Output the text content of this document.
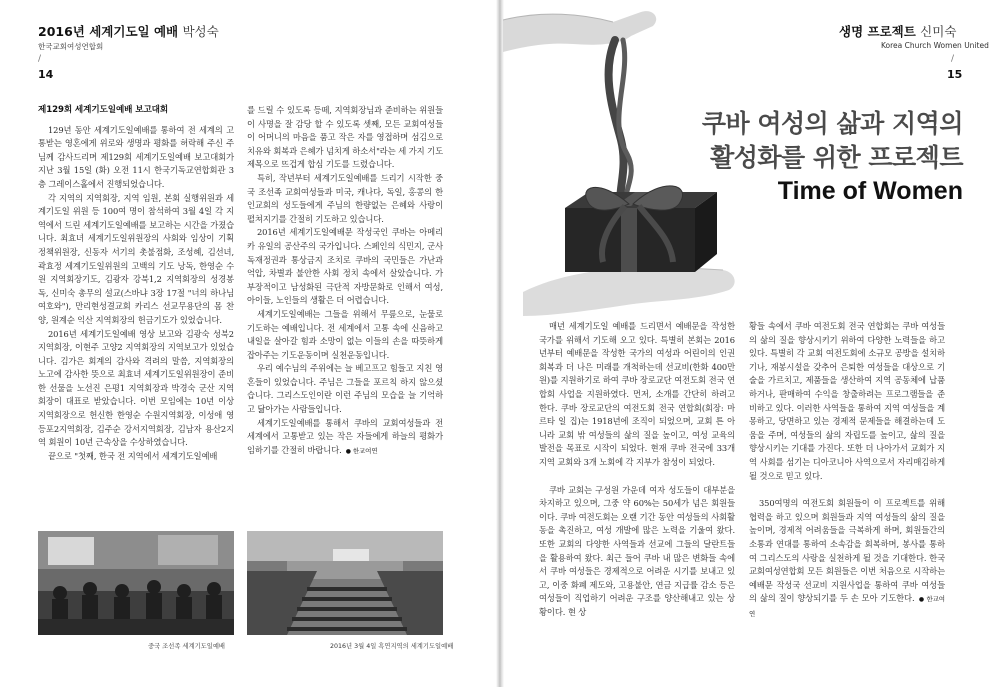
2016년 세계기도일 예배 박성숙
한국교회여성연합회
/
14

제129회 세계기도일예배 보고대회

129년 동안 세계기도일예배를 통하여 전 세계의 고통받는 영혼에게 위로와 생명과 평화를 허락해 주신 주님께 감사드리며 제129회 세계기도일예배 보고대회가 지난 3월 15일 (화) 오전 11시 한국기독교연합회관 3층 그레이스홀에서 진행되었습니다.

각 지역의 지역회장, 지역 임원, 본회 실행위원과 세계기도일 위원 등 100여 명이 참석하여 3월 4일 각 지역에서 드린 세계기도일예배를 보고하는 시간을 가졌습니다. 최효녀 세계기도일위원장의 사회와 임상이 기획정책위원장, 신동자 서기의 촛불점화, 조성혜, 김선녀, 곽효정 세계기도일위원의 고백의 기도 낭독, 한영순 수원 지역회장기도, 김광자 강북1,2 지역회장의 성경봉독, 신미숙 총무의 설교(스바냐 3장 17절 "너의 하나님 여호와"), 만리현성결교회 카리스 선교무용단의 몸 찬양, 원계순 익산 지역회장의 헌금기도가 있었습니다.

2016년 세계기도일예배 영상 보고와 김광숙 성북2 지역회장, 이현주 고양2 지역회장의 지역보고가 있었습니다. 김가은 회계의 감사와 격려의 말씀, 지역회장의 노고에 감사한 뜻으로 최효녀 세계기도일위원장이 준비한 선물을 노선진 은평1 지역회장과 박경숙 군산 지역회장이 대표로 받았습니다. 이번 모임에는 10년 이상 지역회장으로 헌신한 한영순 수원지역회장, 이성애 영등포2지역회장, 김주순 강서지역회장, 김남자 용산2지역 회원이 10년 근속상을 수상하였습니다.

끝으로 "첫째, 한국 전 지역에서 세계기도일예배

를 드릴 수 있도록 등떼, 지역회장님과 준비하는 위원들이 사명을 잘 감당 할 수 있도록 셋째, 모든 교회여성들이 어머니의 마음을 품고 작은 자를 영접하며 섬김으로 치유와 회복과 은혜가 넘치게 하소서"라는 세 가지 기도제목으로 뜨겁게 합심 기도를 드렸습니다.

특히, 작년부터 세계기도일예배를 드리기 시작한 중국 조선족 교회여성들과 미국, 캐나다, 독일, 홍콩의 한인교회의 성도들에게 주님의 한량없는 은혜와 사랑이 펼쳐지기를 간절히 기도하고 있습니다.

2016년 세계기도일예배문 작성국인 쿠바는 아메리카 유일의 공산주의 국가입니다. 스페인의 식민지, 군사 독재정권과 통상금지 조치로 쿠바의 국민들은 가난과 억압, 차별과 불안한 사회 정치 속에서 살았습니다. 가부장적이고 남성화된 극단적 자방문화로 인해서 여성, 아이들, 노인들의 생활은 더 어렵습니다.

세계기도일예배는 그들을 위해서 무릎으로, 눈물로 기도하는 예배입니다. 전 세계에서 고통 속에 신음하고 내일을 살아갈 힘과 소망이 없는 이들의 손을 따뜻하게 잡아주는 기도운동이며 실천운동입니다.

우리 예수님의 주위에는 늘 베고프고 힘들고 지친 영혼들이 있었습니다. 주님은 그들을 포르칙 하지 않으셨습니다. 그리스도인이란 이런 주님의 모습을 늘 기억하고 닮아가는 사람들입니다.

세계기도일예배를 통해서 쿠바의 교회여성들과 전 세계에서 고통받고 있는 작은 자들에게 하늘의 평화가 임하기를 간절히 바랍니다. ● 한교여연

중국 조선족 세계기도일예배	2016년 3월 4일 흑연지역의 세계기도일예배
생명 프로젝트 신미숙
Korea Church Women United
/
15
쿠바 여성의 삶과 지역의
활성화를 위한 프로젝트
Time of Women

매년 세계기도일 예배를 드리면서 예배문을 작성한 국가를 위해서 기도해 오고 있다. 특별히 본회는 2016년부터 예배문을 작성한 국가의 여성과 어린이의 인권회복과 더 나은 미래를 개척하는데 선교비(한화 400만원)를 지원하기로 하여 쿠바 장로교단 여전도회 전국 연합회 사업을 지원하였다. 먼저, 소개를 간단히 하려고 한다. 쿠바 장로교단의 여전도회 전국 연합회(회장: 마르타 일 집)는 1918년에 조직이 되었으며, 교회 튼 아니라 교회 밖 여성들의 삶의 질을 높이고, 여성 교육의 발전을 목표로 시작이 되었다. 현재 쿠바 전국에 33개 지역 교회와 3개 노회에 각 지부가 참성이 되었다.

쿠바 교회는 구성원 가운데 여자 성도들이 대부분을 차지하고 있으며, 그중 약 60%는 50세가 넘은 회원들이다. 쿠바 여전도회는 오랜 기간 동안 여성들의 사회활동을 촉진하고, 여성 개발에 많은 노력을 기울여 왔다. 또한 교회의 다양한 사역들과 선교에 그들의 달란트들을 활용하여 왔다. 최근 들어 쿠바 내 많은 변화들 속에서 쿠바 여성들은 경제적으로 어려운 시기를 보내고 있고, 이중 화폐 제도와, 고용불안, 연금 지급률 감소 등은 여성들이 직업하기 어려운 구조를 양산해내고 있는 상황이다. 현 상

황들 속에서 쿠바 여전도회 전국 연합회는 쿠바 여성들의 삶의 질을 향상시키기 위하여 다양한 노력들을 하고 있다. 특별히 각 교회 여전도회에 소규모 공방을 설치하기나, 재봉시설을 갖추어 은퇴한 여성들을 대상으로 기술을 가르치고, 제품들을 생산하여 지역 공동체에 납품하거나, 판매하여 수익을 창출하려는 프로그램들을 준비하고 있다. 이러한 사역들을 통하여 지역 여성들을 계몽하고, 당면하고 있는 경제적 문제들을 해결하는데 도움을 주며, 여성들의 삶의 자립도를 높이고, 삶의 질을 향상시키는 기대를 가진다. 또한 더 나아가서 교회가 지역 사회를 섬기는 디아코니아 사역으로서 자리매김하게 될 것으로 믿고 있다.

350여명의 여전도회 회원들이 이 프로젝트를 위해 협력을 하고 있으며 회원들과 지역 여성들의 삶의 질을 높이며, 경제적 어려움들을 극복하게 하며, 회원들간의 소통과 연대를 통하여 소속감을 회복하며, 봉사를 통하여 그리스도의 사랑을 실천하게 될 것을 기대한다. 한국교회여성연합회 모든 회원들은 이번 처음으로 시작하는 예배문 작성국 선교비 지원사업을 통하여 쿠바 여성들의 삶의 질이 향상되기를 두 손 모아 기도한다. ● 한교여연
